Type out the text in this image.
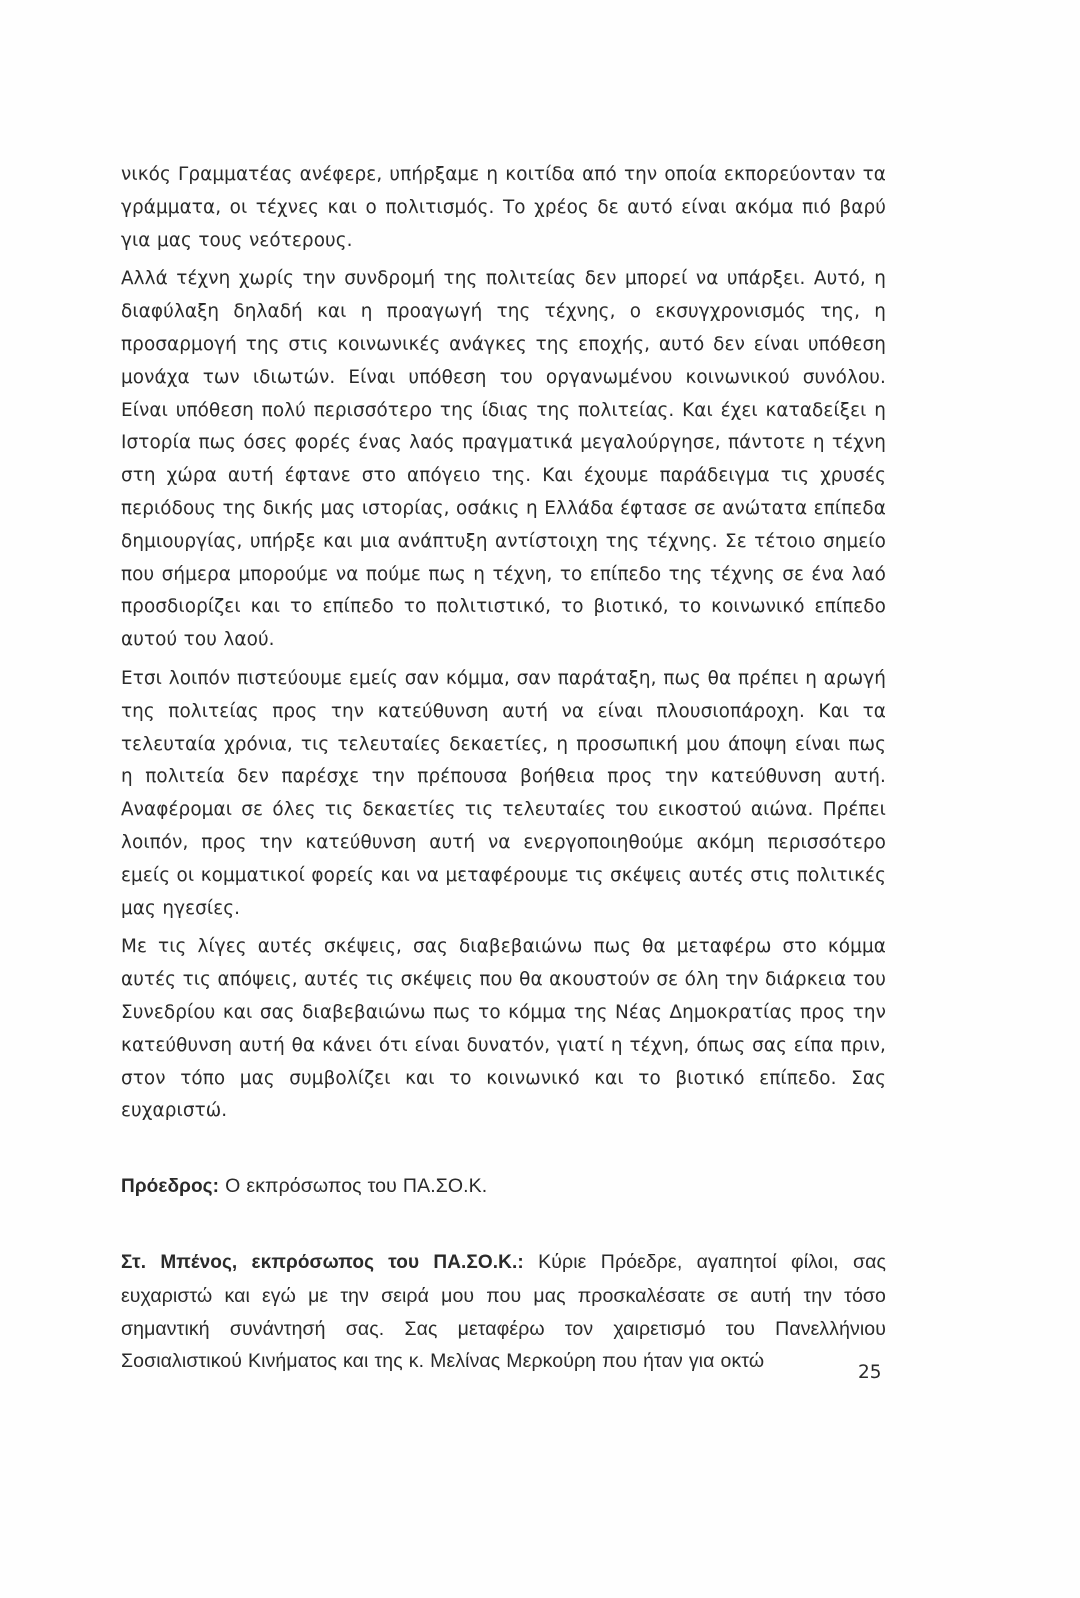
νικός Γραμματέας ανέφερε, υπήρξαμε η κοιτίδα από την οποία εκπορεύονταν τα γράμματα, οι τέχνες και ο πολιτισμός. Το χρέος δε αυτό είναι ακόμα πιό βαρύ για μας τους νεότερους.

Αλλά τέχνη χωρίς την συνδρομή της πολιτείας δεν μπορεί να υπάρξει. Αυτό, η διαφύλαξη δηλαδή και η προαγωγή της τέχνης, ο εκσυγχρονισμός της, η προσαρμογή της στις κοινωνικές ανάγκες της εποχής, αυτό δεν είναι υπόθεση μονάχα των ιδιωτών. Είναι υπόθεση του οργανωμένου κοινωνικού συνόλου. Είναι υπόθεση πολύ περισσότερο της ίδιας της πολιτείας. Και έχει καταδείξει η Ιστορία πως όσες φορές ένας λαός πραγματικά μεγαλούργησε, πάντοτε η τέχνη στη χώρα αυτή έφτανε στο απόγειο της. Και έχουμε παράδειγμα τις χρυσές περιόδους της δικής μας ιστορίας, οσάκις η Ελλάδα έφτασε σε ανώτατα επίπεδα δημιουργίας, υπήρξε και μια ανάπτυξη αντίστοιχη της τέχνης. Σε τέτοιο σημείο που σήμερα μπορούμε να πούμε πως η τέχνη, το επίπεδο της τέχνης σε ένα λαό προσδιορίζει και το επίπεδο το πολιτιστικό, το βιοτικό, το κοινωνικό επίπεδο αυτού του λαού.

Ετσι λοιπόν πιστεύουμε εμείς σαν κόμμα, σαν παράταξη, πως θα πρέπει η αρωγή της πολιτείας προς την κατεύθυνση αυτή να είναι πλουσιοπάροχη. Και τα τελευταία χρόνια, τις τελευταίες δεκαετίες, η προσωπική μου άποψη είναι πως η πολιτεία δεν παρέσχε την πρέπουσα βοήθεια προς την κατεύθυνση αυτή. Αναφέρομαι σε όλες τις δεκαετίες τις τελευταίες του εικοστού αιώνα. Πρέπει λοιπόν, προς την κατεύθυνση αυτή να ενεργοποιηθούμε ακόμη περισσότερο εμείς οι κομματικοί φορείς και να μεταφέρουμε τις σκέψεις αυτές στις πολιτικές μας ηγεσίες.

Με τις λίγες αυτές σκέψεις, σας διαβεβαιώνω πως θα μεταφέρω στο κόμμα αυτές τις απόψεις, αυτές τις σκέψεις που θα ακουστούν σε όλη την διάρκεια του Συνεδρίου και σας διαβεβαιώνω πως το κόμμα της Νέας Δημοκρατίας προς την κατεύθυνση αυτή θα κάνει ότι είναι δυνατόν, γιατί η τέχνη, όπως σας είπα πριν, στον τόπο μας συμβολίζει και το κοινωνικό και το βιοτικό επίπεδο. Σας ευχαριστώ.

Πρόεδρος: Ο εκπρόσωπος του ΠΑ.ΣΟ.Κ.

Στ. Μπένος, εκπρόσωπος του ΠΑ.ΣΟ.Κ.: Κύριε Πρόεδρε, αγαπητοί φίλοι, σας ευχαριστώ και εγώ με την σειρά μου που μας προσκαλέσατε σε αυτή την τόσο σημαντική συνάντησή σας. Σας μεταφέρω τον χαιρετισμό του Πανελλήνιου Σοσιαλιστικού Κινήματος και της κ. Μελίνας Μερκούρη που ήταν για οκτώ

25
